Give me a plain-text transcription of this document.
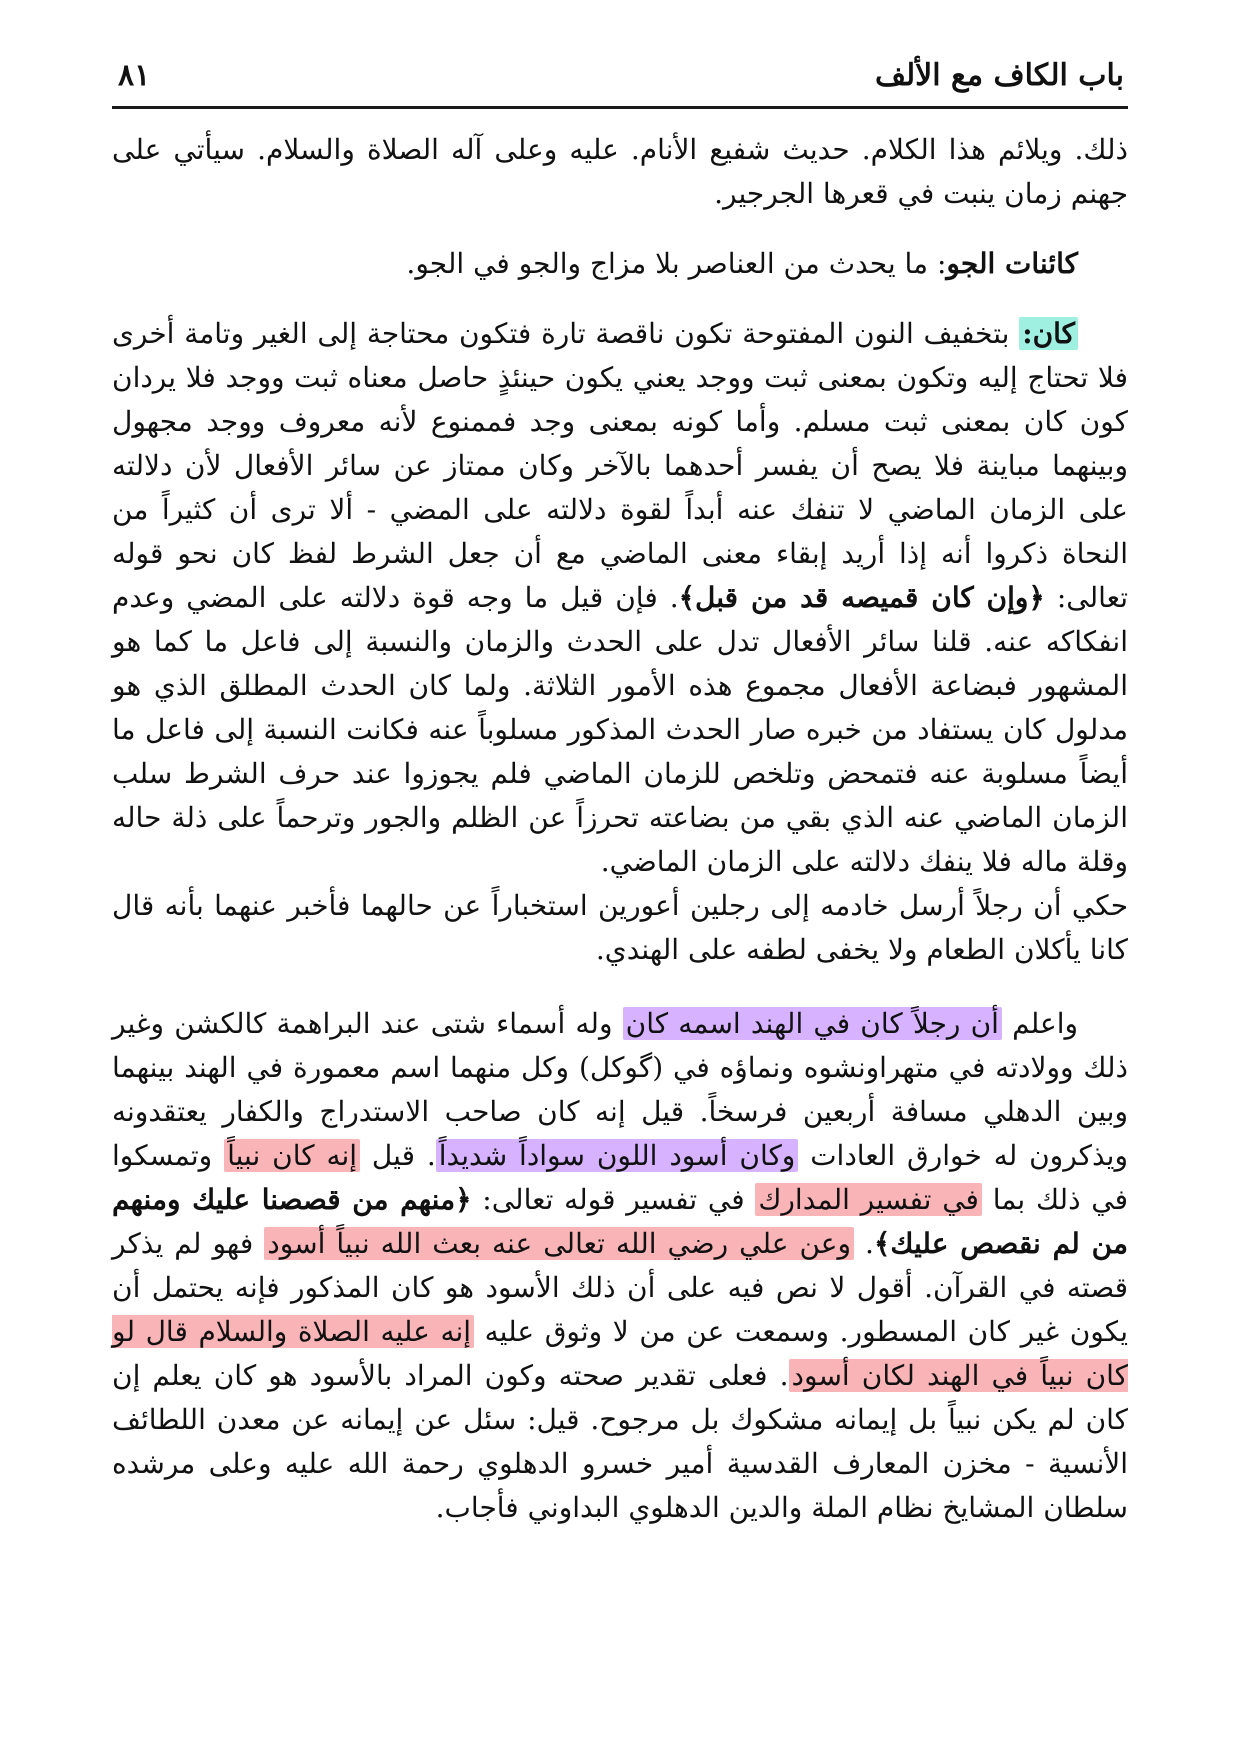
باب الكاف مع الألف
٨١

ذلك. ويلائم هذا الكلام. حديث شفيع الأنام. عليه وعلى آله الصلاة والسلام. سيأتي على جهنم زمان ينبت في قعرها الجرجير.

كائنات الجو: ما يحدث من العناصر بلا مزاج والجو في الجو.

كان: بتخفيف النون المفتوحة تكون ناقصة تارة فتكون محتاجة إلى الغير وتامة أخرى فلا تحتاج إليه وتكون بمعنى ثبت ووجد يعني يكون حينئذٍ حاصل معناه ثبت ووجد فلا يردان كون كان بمعنى ثبت مسلم. وأما كونه بمعنى وجد فممنوع لأنه معروف ووجد مجهول وبينهما مباينة فلا يصح أن يفسر أحدهما بالآخر وكان ممتاز عن سائر الأفعال لأن دلالته على الزمان الماضي لا تنفك عنه أبداً لقوة دلالته على المضي - ألا ترى أن كثيراً من النحاة ذكروا أنه إذا أريد إبقاء معنى الماضي مع أن جعل الشرط لفظ كان نحو قوله تعالى: ﴿وإن كان قميصه قد من قبل﴾. فإن قيل ما وجه قوة دلالته على المضي وعدم انفكاكه عنه. قلنا سائر الأفعال تدل على الحدث والزمان والنسبة إلى فاعل ما كما هو المشهور فبضاعة الأفعال مجموع هذه الأمور الثلاثة. ولما كان الحدث المطلق الذي هو مدلول كان يستفاد من خبره صار الحدث المذكور مسلوباً عنه فكانت النسبة إلى فاعل ما أيضاً مسلوبة عنه فتمحض وتلخص للزمان الماضي فلم يجوزوا عند حرف الشرط سلب الزمان الماضي عنه الذي بقي من بضاعته تحرزاً عن الظلم والجور وترحماً على ذلة حاله وقلة ماله فلا ينفك دلالته على الزمان الماضي.

حكي أن رجلاً أرسل خادمه إلى رجلين أعورين استخباراً عن حالهما فأخبر عنهما بأنه قال كانا يأكلان الطعام ولا يخفى لطفه على الهندي.

واعلم أن رجلاً كان في الهند اسمه كان وله أسماء شتى عند البراهمة كالكشن وغير ذلك وولادته في متهراونشوه ونماؤه في (گوكل) وكل منهما اسم معمورة في الهند بينهما وبين الدهلي مسافة أربعين فرسخاً. قيل إنه كان صاحب الاستدراج والكفار يعتقدونه ويذكرون له خوارق العادات وكان أسود اللون سواداً شديداً. قيل إنه كان نبياً وتمسكوا في ذلك بما في تفسير المدارك في تفسير قوله تعالى: ﴿منهم من قصصنا عليك ومنهم من لم نقصص عليك﴾. وعن علي رضي الله تعالى عنه بعث الله نبياً أسود فهو لم يذكر قصته في القرآن. أقول لا نص فيه على أن ذلك الأسود هو كان المذكور فإنه يحتمل أن يكون غير كان المسطور. وسمعت عن من لا وثوق عليه إنه عليه الصلاة والسلام قال لو كان نبياً في الهند لكان أسود. فعلى تقدير صحته وكون المراد بالأسود هو كان يعلم إن كان لم يكن نبياً بل إيمانه مشكوك بل مرجوح. قيل: سئل عن إيمانه عن معدن اللطائف الأنسية - مخزن المعارف القدسية أمير خسرو الدهلوي رحمة الله عليه وعلى مرشده سلطان المشايخ نظام الملة والدين الدهلوي البداوني فأجاب.
